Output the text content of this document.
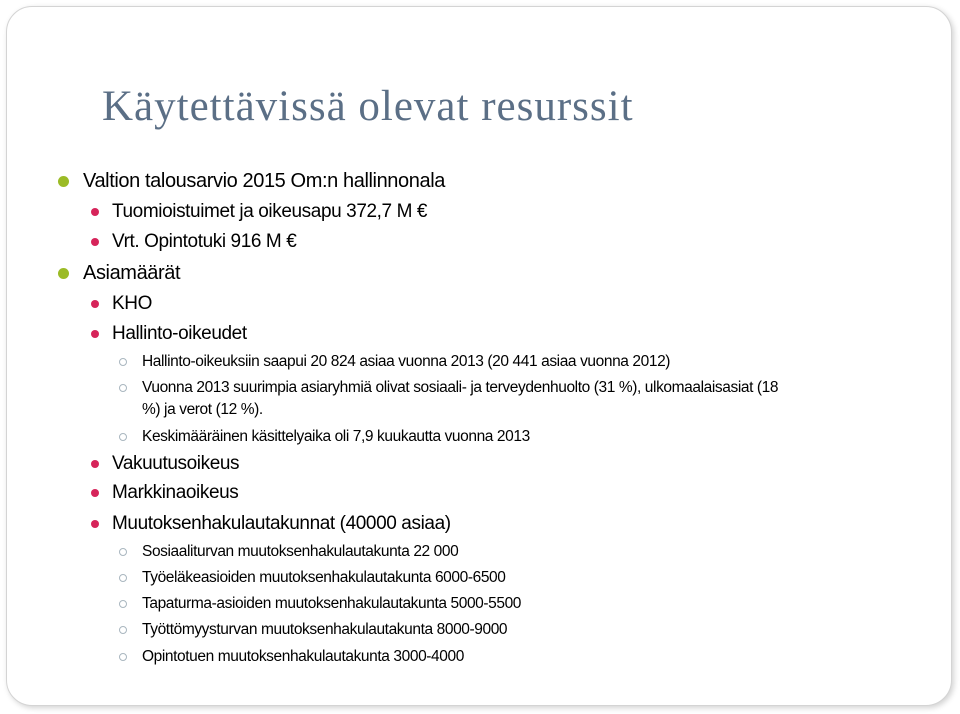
Käytettävissä olevat resurssit
Valtion talousarvio 2015 Om:n hallinnonala
Tuomioistuimet ja oikeusapu 372,7 M €
Vrt. Opintotuki 916 M €
Asiamäärät
KHO
Hallinto-oikeudet
Hallinto-oikeuksiin saapui 20 824 asiaa vuonna 2013 (20 441 asiaa vuonna 2012)
Vuonna 2013 suurimpia asiaryhmiä olivat sosiaali- ja terveydenhuolto (31 %), ulkomaalaisasiat (18
%) ja verot (12 %).
Keskimääräinen käsittelyaika oli 7,9 kuukautta vuonna 2013
Vakuutusoikeus
Markkinaoikeus
Muutoksenhakulautakunnat (40000 asiaa)
Sosiaaliturvan muutoksenhakulautakunta 22 000
Työeläkeasioiden muutoksenhakulautakunta 6000-6500
Tapaturma-asioiden muutoksenhakulautakunta 5000-5500
Työttömyysturvan muutoksenhakulautakunta 8000-9000
Opintotuen muutoksenhakulautakunta 3000-4000
